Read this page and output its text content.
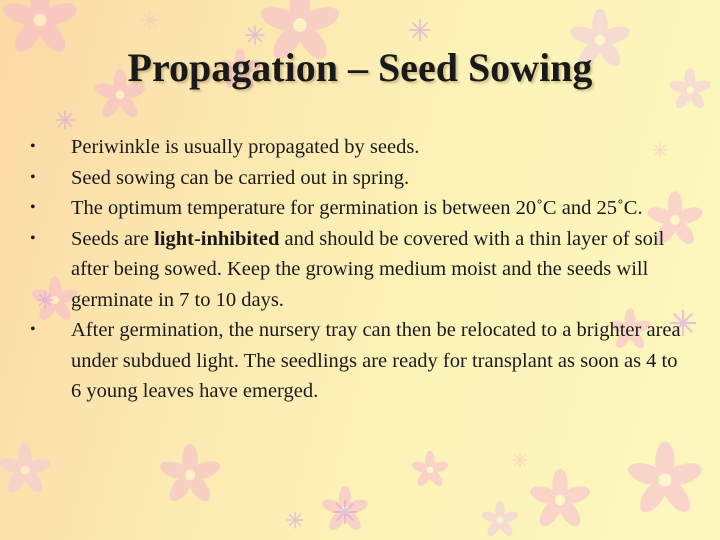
Propagation – Seed Sowing
• Periwinkle is usually propagated by seeds.
• Seed sowing can be carried out in spring.
• The optimum temperature for germination is between 20˚C and 25˚C.
• Seeds are light-inhibited and should be covered with a thin layer of soil after being sowed. Keep the growing medium moist and the seeds will germinate in 7 to 10 days.
• After germination, the nursery tray can then be relocated to a brighter area under subdued light. The seedlings are ready for transplant as soon as 4 to 6 young leaves have emerged.
